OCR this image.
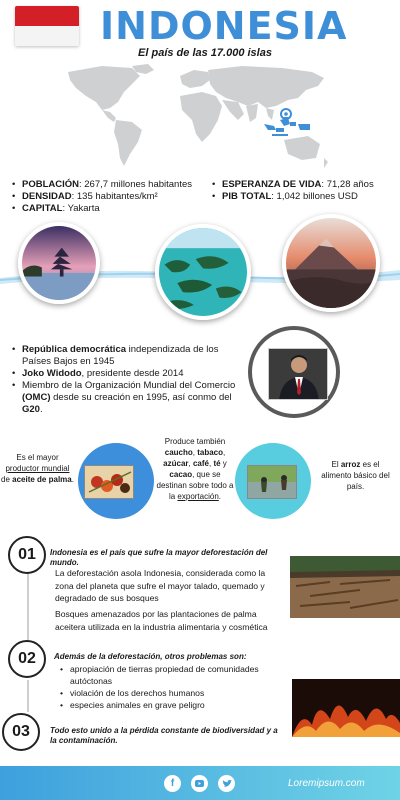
INDONESIA
El país de las 17.000 islas
• POBLACIÓN: 267,7 millones habitantes
• DENSIDAD: 135 habitantes/km²
• CAPITAL: Yakarta
• ESPERANZA DE VIDA: 71,28 años
• PIB TOTAL: 1,042 billones USD
• República democrática independizada de los Países Bajos en 1945
• Joko Widodo, presidente desde 2014
• Miembro de la Organización Mundial del Comercio (OMC) desde su creación en 1995, así conmo del G20.
Es el mayor
productor mundial de aceite de palma.
Produce también
caucho, tabaco, azúcar, café, té y cacao, que se destinan sobre todo a la exportación.
El arroz es el alimento básico del país.
01	Indonesia es el país que sufre la mayor deforestación del mundo.
La deforestación asola Indonesia, considerada como la zona del planeta que sufre el mayor talado, quemado y degradado de sus bosques
Bosques amenazados por las plantaciones de palma aceitera utilizada en la industria alimentaria y cosmética
02	Además de la deforestación, otros problemas son:
• apropiación de tierras propiedad de comunidades autóctonas
• violación de los derechos humanos
• especies animales en grave peligro
03	Todo esto unido a la pérdida constante de biodiversidad y a la contaminación.
f	Loremipsum.com
